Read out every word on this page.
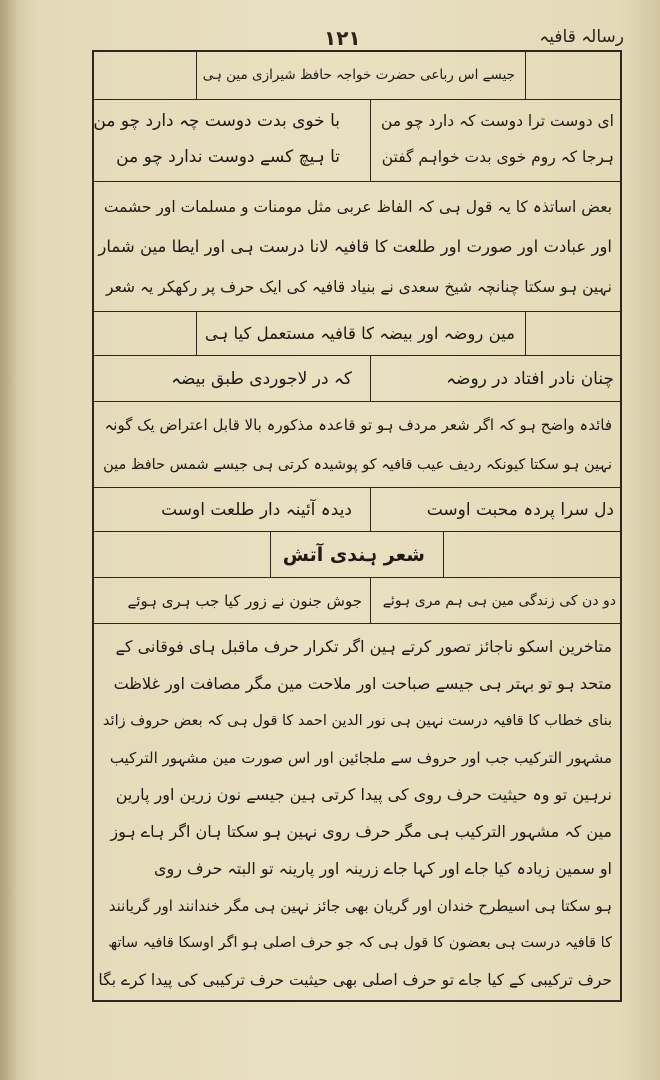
۱۲۱	رسالہ قافیہ
جیسے اس رباعی حضرت خواجہ حافظ شیرازی مین ہی
ای دوست ترا دوست کہ دارد چو من
ہرجا کہ روم خوی بدت خواہم گفتن
با خوی بدت دوست چہ دارد چو من
تا ہیچ کسے دوست ندارد چو من
بعض اساتذہ کا یہ قول ہی کہ الفاظ عربی مثل مومنات و مسلمات اور حشمت
اور عبادت اور صورت اور طلعت کا قافیہ لانا درست ہی اور ایطا مین شمار
نہین ہو سکتا چنانچہ شیخ سعدی نے بنیاد قافیہ کی ایک حرف پر رکھکر یہ شعر
مین روضہ اور بیضہ کا قافیہ مستعمل کیا ہی
چنان نادر افتاد در روضہ
کہ در لاجوردی طبق بیضہ
فائدہ واضح ہو کہ اگر شعر مردف ہو تو قاعدہ مذکورہ بالا قابل اعتراض یک گونہ
نہین ہو سکتا کیونکہ ردیف عیب قافیہ کو پوشیدہ کرتی ہی جیسے شمس حافظ مین
دل سرا پردہ محبت اوست
دیدہ آئینہ دار طلعت اوست
شعر ہندی آتش
دو دن کی زندگی مین ہی ہم مری ہوئے
جوش جنون نے زور کیا جب ہری ہوئے
متاخرین اسکو ناجائز تصور کرتے ہین اگر تکرار حرف ماقبل ہای فوقانی کے
متحد ہو تو بہتر ہی جیسے صباحت اور ملاحت مین مگر مصافت اور غلاظت
بنای خطاب کا قافیہ درست نہین ہی نور الدین احمد کا قول ہی کہ بعض حروف زائد
مشہور الترکیب جب اور حروف سے ملجائین اور اس صورت مین مشہور الترکیب
نرہین تو وہ حیثیت حرف روی کی پیدا کرتی ہین جیسے نون زرین اور پارین
مین کہ مشہور الترکیب ہی مگر حرف روی نہین ہو سکتا ہان اگر ہاے ہوز
او سمین زیادہ کیا جاے اور کہا جاے زرینہ اور پارینہ تو البتہ حرف روی
ہو سکتا ہی اسیطرح خندان اور گریان بھی جائز نہین ہی مگر خندانند اور گریانند
کا قافیہ درست ہی بعضون کا قول ہی کہ جو حرف اصلی ہو اگر اوسکا قافیہ ساتھ
حرف ترکیبی کے کیا جاے تو حرف اصلی بھی حیثیت حرف ترکیبی کی پیدا کرے بگا
